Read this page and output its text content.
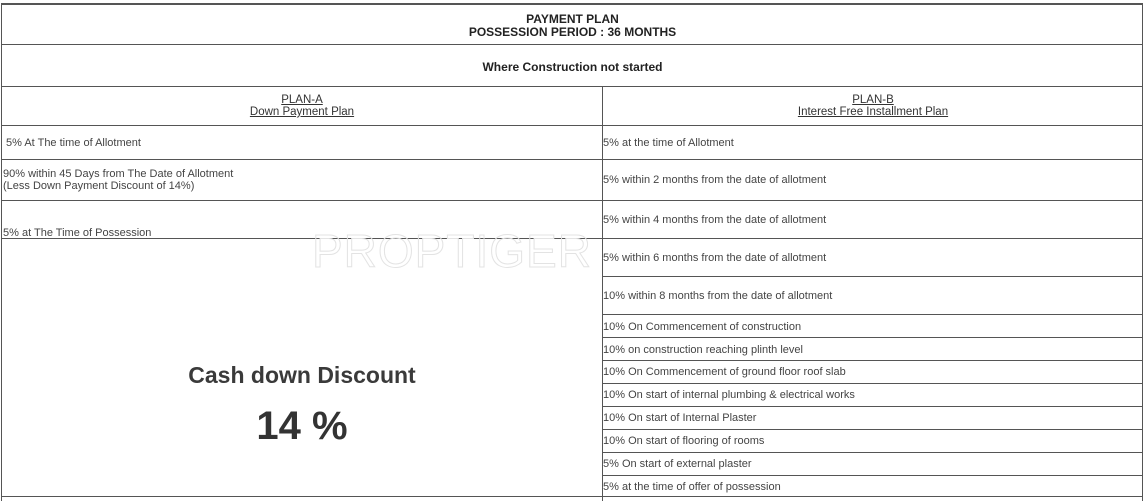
PAYMENT PLAN
POSSESSION PERIOD : 36 MONTHS
Where Construction not started
PLAN-A
Down Payment Plan
PLAN-B
Interest Free Installment Plan
5% At The time of Allotment
90% within 45 Days from The Date of Allotment
(Less Down Payment Discount of 14%)
5% at The Time of Possession
5% at the time of Allotment
5% within 2 months from the date of allotment
5% within 4 months from the date of allotment
5% within 6 months from the date of allotment
10% within 8 months from the date of allotment
10% On Commencement of construction
10% on construction reaching plinth level
10% On Commencement of ground floor roof slab
10% On start of internal plumbing & electrical works
10% On start of Internal Plaster
10% On start of flooring of rooms
5% On start of external plaster
5% at the time of offer of possession
PROPTIGER
Cash down Discount
14 %
